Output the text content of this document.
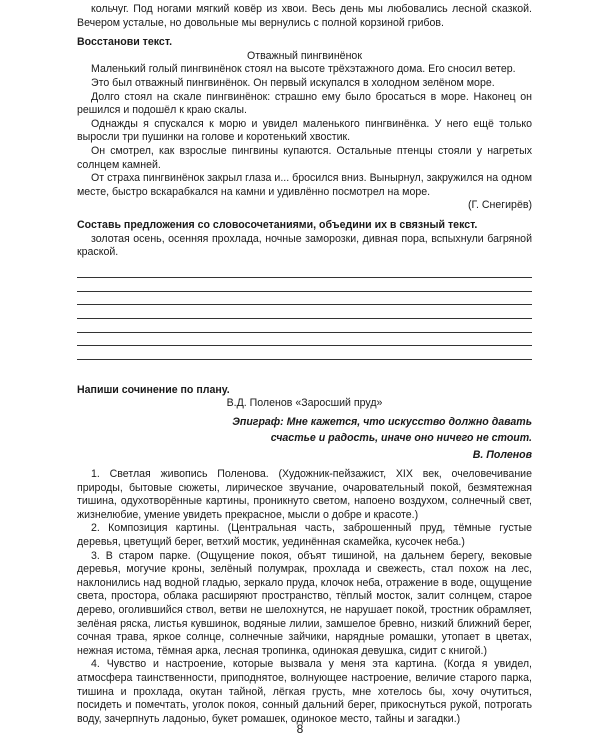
кольчуг. Под ногами мягкий ковёр из хвои. Весь день мы любовались лесной сказкой. Вечером усталые, но довольные мы вернулись с полной корзиной грибов.

Восстанови текст.

Отважный пингвинёнок

Маленький голый пингвинёнок стоял на высоте трёхэтажного дома. Его сносил ветер.

Это был отважный пингвинёнок. Он первый искупался в холодном зелёном море.

Долго стоял на скале пингвинёнок: страшно ему было бросаться в море. Наконец он решился и подошёл к краю скалы.

Однажды я спускался к морю и увидел маленького пингвинёнка. У него ещё только выросли три пушинки на голове и коротенький хвостик.

Он смотрел, как взрослые пингвины купаются. Остальные птенцы стояли у нагретых солнцем камней.

От страха пингвинёнок закрыл глаза и... бросился вниз. Вынырнул, закружился на одном месте, быстро вскарабкался на камни и удивлённо посмотрел на море.

(Г. Снегирёв)

Составь предложения со словосочетаниями, объедини их в связный текст.

золотая осень, осенняя прохлада, ночные заморозки, дивная пора, вспыхнули багряной краской.

Напиши сочинение по плану.

В.Д. Поленов «Заросший пруд»

Эпиграф: Мне кажется, что искусство должно давать
счастье и радость, иначе оно ничего не стоит.

В. Поленов

1. Светлая живопись Поленова. (Художник-пейзажист, XIX век, очеловечивание природы, бытовые сюжеты, лирическое звучание, очаровательный покой, безмятежная тишина, одухотворённые картины, проникнуто светом, напоено воздухом, солнечный свет, жизнелюбие, умение увидеть прекрасное, мысли о добре и красоте.)

2. Композиция картины. (Центральная часть, заброшенный пруд, тёмные густые деревья, цветущий берег, ветхий мостик, уединённая скамейка, кусочек неба.)

3. В старом парке. (Ощущение покоя, объят тишиной, на дальнем берегу, вековые деревья, могучие кроны, зелёный полумрак, прохлада и свежесть, стал похож на лес, наклонились над водной гладью, зеркало пруда, клочок неба, отражение в воде, ощущение света, простора, облака расширяют пространство, тёплый мосток, залит солнцем, старое дерево, оголившийся ствол, ветви не шелохнутся, не нарушает покой, тростник обрамляет, зелёная ряска, листья кувшинок, водяные лилии, замшелое бревно, низкий ближний берег, сочная трава, яркое солнце, солнечные зайчики, нарядные ромашки, утопает в цветах, нежная истома, тёмная арка, лесная тропинка, одинокая девушка, сидит с книгой.)

4. Чувство и настроение, которые вызвала у меня эта картина. (Когда я увидел, атмосфера таинственности, приподнятое, волнующее настроение, величие старого парка, тишина и прохлада, окутан тайной, лёгкая грусть, мне хотелось бы, хочу очутиться, посидеть и помечтать, уголок покоя, сонный дальний берег, прикоснуться рукой, потрогать воду, зачерпнуть ладонью, букет ромашек, одинокое место, тайны и загадки.)

8
